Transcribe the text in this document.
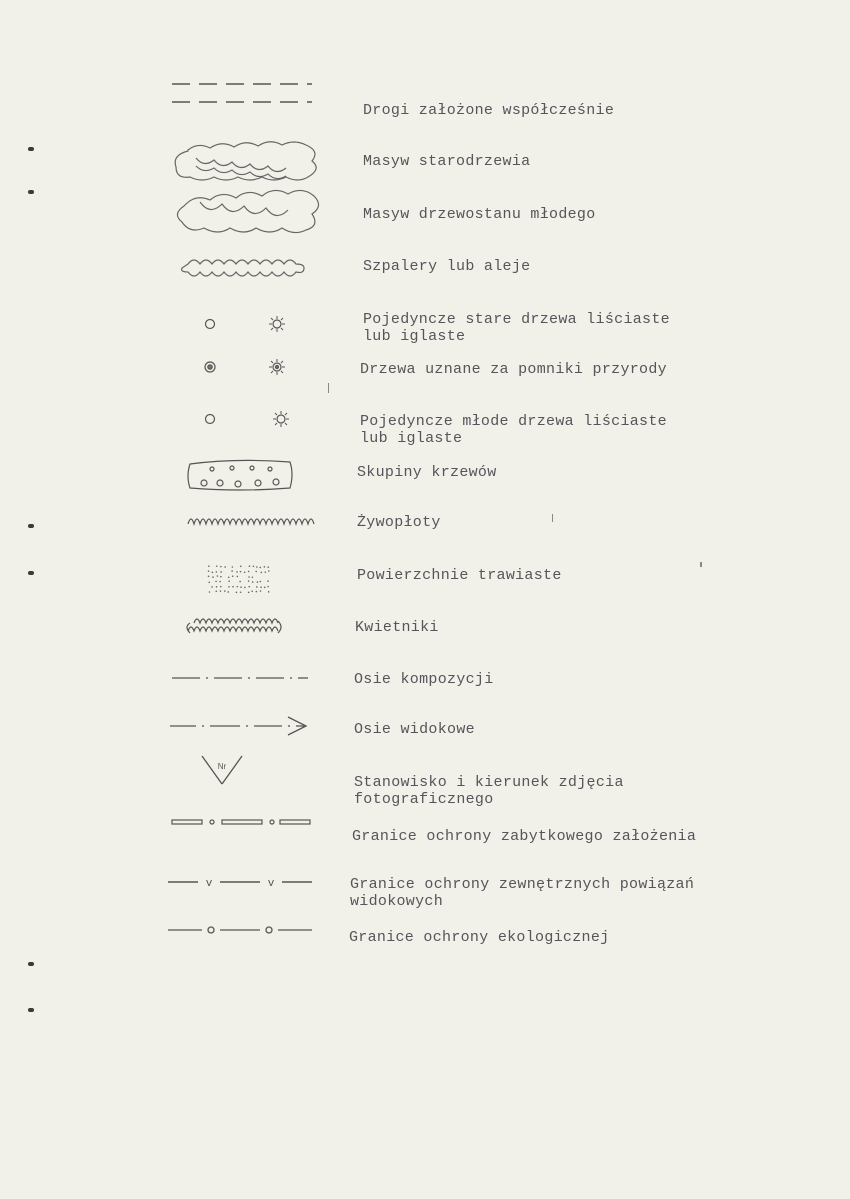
Drogi założone współcześnie
Masyw starodrzewia
Masyw drzewostanu młodego
Szpalery lub aleje
Pojedyncze stare drzewa liściaste
lub iglaste
Drzewa uznane za pomniki przyrody
Pojedyncze młode drzewa liściaste
lub iglaste
Skupiny krzewów
Żywopłoty
Powierzchnie trawiaste
Kwietniki
Osie kompozycji
Osie widokowe
Nr
Stanowisko i kierunek zdjęcia
fotograficznego
Granice ochrony zabytkowego założenia
v	v	Granice ochrony zewnętrznych powiązań
widokowych
Granice ochrony ekologicznej
